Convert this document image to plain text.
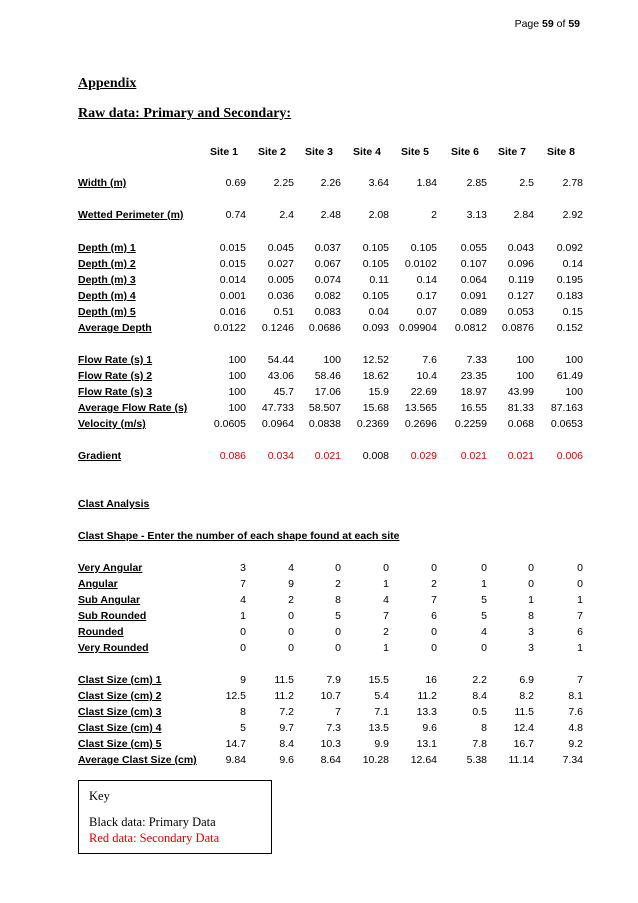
Page 59 of 59
Appendix
Raw data: Primary and Secondary:
Site 1	Site 2	Site 3	Site 4	Site 5	Site 6	Site 7	Site 8
Width (m)	0.69	2.25	2.26	3.64	1.84	2.85	2.5	2.78
Wetted Perimeter (m)	0.74	2.4	2.48	2.08	2	3.13	2.84	2.92
Depth (m) 1	0.015	0.045	0.037	0.105	0.105	0.055	0.043	0.092
Depth (m) 2	0.015	0.027	0.067	0.105	0.0102	0.107	0.096	0.14
Depth (m) 3	0.014	0.005	0.074	0.11	0.14	0.064	0.119	0.195
Depth (m) 4	0.001	0.036	0.082	0.105	0.17	0.091	0.127	0.183
Depth (m) 5	0.016	0.51	0.083	0.04	0.07	0.089	0.053	0.15
Average Depth	0.0122	0.1246	0.0686	0.093 0.09904	0.0812	0.0876	0.152
Flow Rate (s) 1	100	54.44	100	12.52	7.6	7.33	100	100
Flow Rate (s) 2	100	43.06	58.46	18.62	10.4	23.35	100	61.49
Flow Rate (s) 3	100	45.7	17.06	15.9	22.69	18.97	43.99	100
Average Flow Rate (s)	100	47.733	58.507	15.68	13.565	16.55	81.33	87.163
Velocity (m/s)	0.0605	0.0964	0.0838	0.2369	0.2696	0.2259	0.068	0.0653
Gradient	0.086	0.034	0.021	0.008	0.029	0.021	0.021	0.006
Clast Analysis
Clast Shape - Enter the number of each shape found at each site
Very Angular	3	4	0	0	0	0	0	0
Angular	7	9	2	1	2	1	0	0
Sub Angular	4	2	8	4	7	5	1	1
Sub Rounded	1	0	5	7	6	5	8	7
Rounded	0	0	0	2	0	4	3	6
Very Rounded	0	0	0	1	0	0	3	1
Clast Size (cm) 1	9	11.5	7.9	15.5	16	2.2	6.9	7
Clast Size (cm) 2	12.5	11.2	10.7	5.4	11.2	8.4	8.2	8.1
Clast Size (cm) 3	8	7.2	7	7.1	13.3	0.5	11.5	7.6
Clast Size (cm) 4	5	9.7	7.3	13.5	9.6	8	12.4	4.8
Clast Size (cm) 5	14.7	8.4	10.3	9.9	13.1	7.8	16.7	9.2
Average Clast Size (cm)	9.84	9.6	8.64	10.28	12.64	5.38	11.14	7.34
Key
Black data: Primary Data
Red data: Secondary Data
